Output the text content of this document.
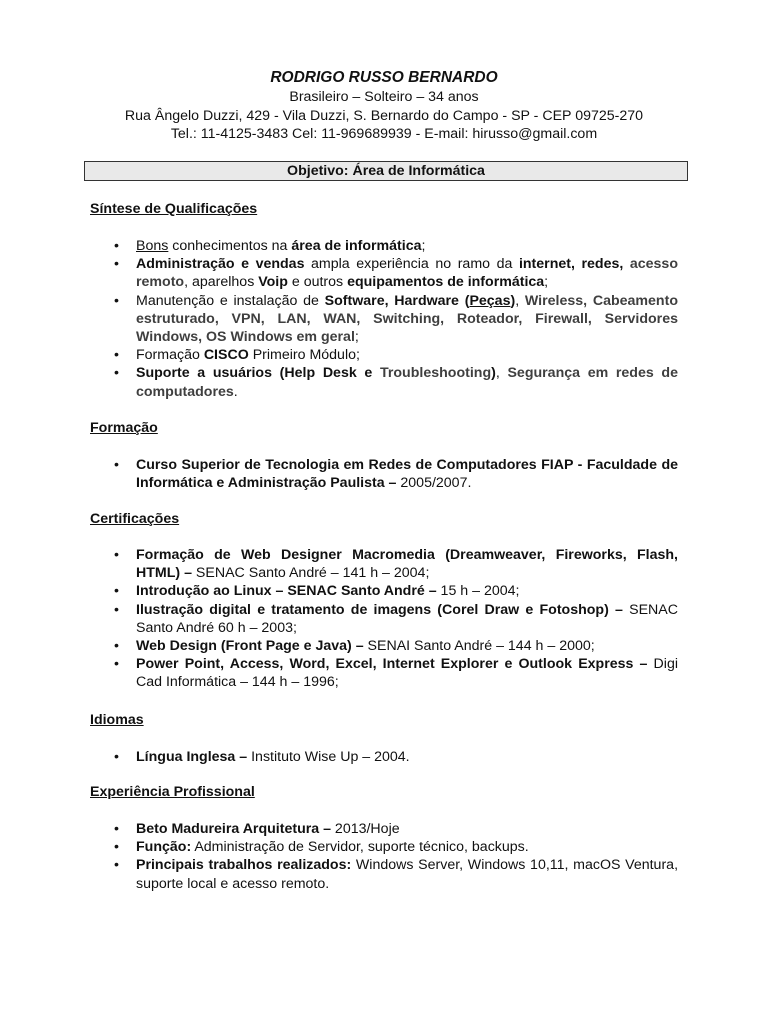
RODRIGO RUSSO BERNARDO
Brasileiro – Solteiro – 34 anos
Rua Ângelo Duzzi, 429 - Vila Duzzi, S. Bernardo do Campo - SP - CEP 09725-270
Tel.: 11-4125-3483 Cel: 11-969689939 - E-mail: hirusso@gmail.com
Objetivo: Área de Informática
Síntese de Qualificações
• Bons conhecimentos na área de informática;
• Administração e vendas ampla experiência no ramo da internet, redes, acesso remoto, aparelhos Voip e outros equipamentos de informática;
• Manutenção e instalação de Software, Hardware (Peças), Wireless, Cabeamento estruturado, VPN, LAN, WAN, Switching, Roteador, Firewall, Servidores Windows, OS Windows em geral;
• Formação CISCO Primeiro Módulo;
• Suporte a usuários (Help Desk e Troubleshooting), Segurança em redes de computadores.
Formação
• Curso Superior de Tecnologia em Redes de Computadores FIAP - Faculdade de Informática e Administração Paulista – 2005/2007.
Certificações
• Formação de Web Designer Macromedia (Dreamweaver, Fireworks, Flash, HTML) – SENAC Santo André – 141 h – 2004;
• Introdução ao Linux – SENAC Santo André – 15 h – 2004;
• Ilustração digital e tratamento de imagens (Corel Draw e Fotoshop) – SENAC Santo André 60 h – 2003;
• Web Design (Front Page e Java) – SENAI Santo André – 144 h – 2000;
• Power Point, Access, Word, Excel, Internet Explorer e Outlook Express – Digi Cad Informática – 144 h – 1996;
Idiomas
• Língua Inglesa – Instituto Wise Up – 2004.
Experiência Profissional
• Beto Madureira Arquitetura – 2013/Hoje
• Função: Administração de Servidor, suporte técnico, backups.
• Principais trabalhos realizados: Windows Server, Windows 10,11, macOS Ventura, suporte local e acesso remoto.
